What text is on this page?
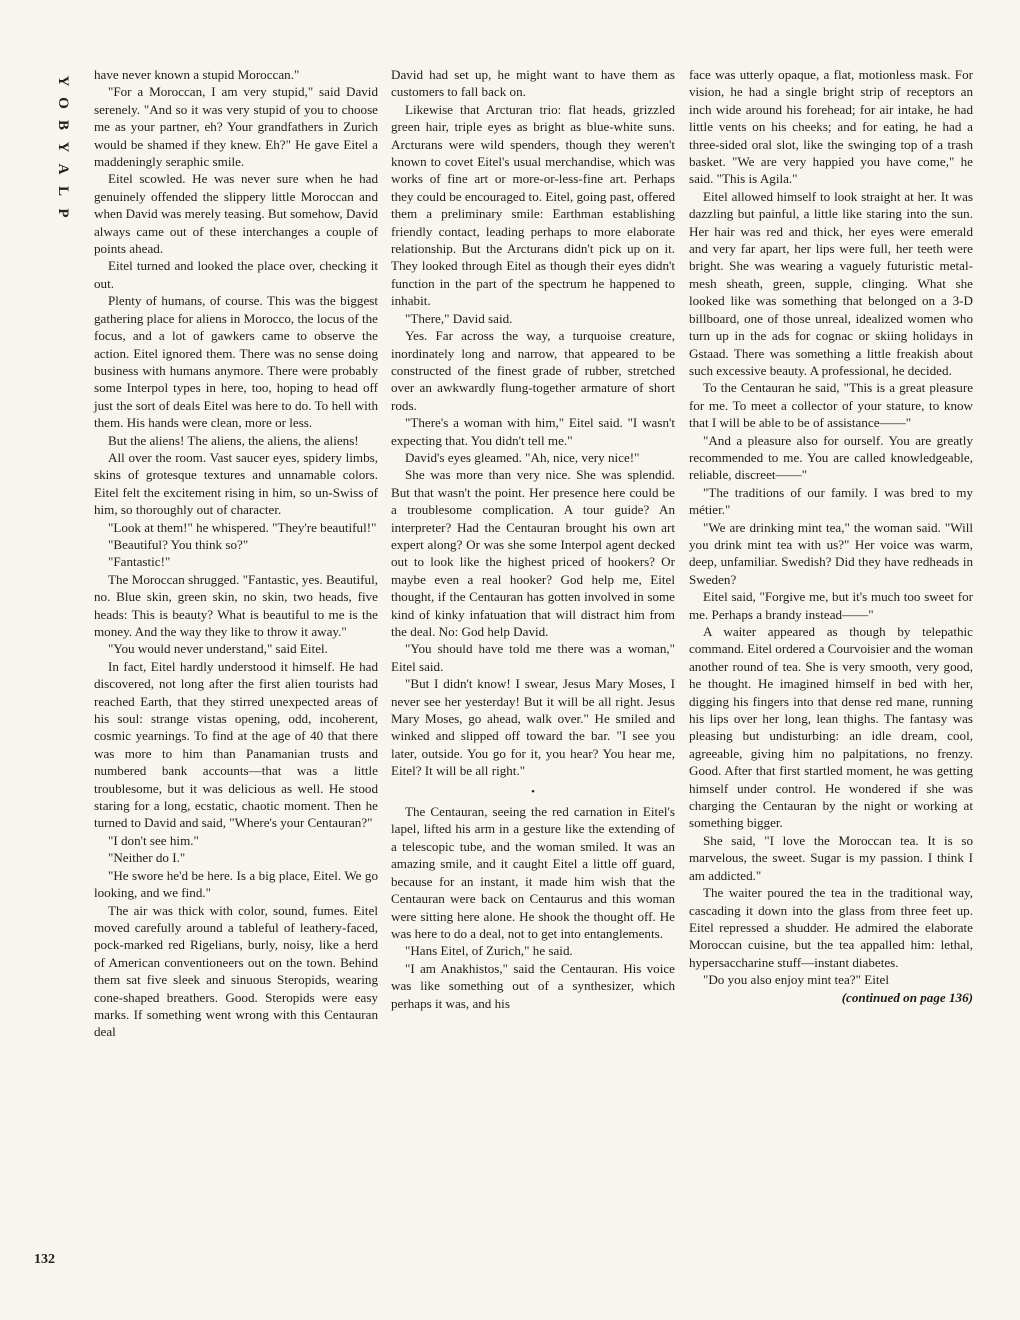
Y
O
B
Y
A
L
P
132

have never known a stupid Moroccan."

"For a Moroccan, I am very stupid," said David serenely. "And so it was very stupid of you to choose me as your partner, eh? Your grandfathers in Zurich would be shamed if they knew. Eh?" He gave Eitel a maddeningly seraphic smile.

Eitel scowled. He was never sure when he had genuinely offended the slippery little Moroccan and when David was merely teasing. But somehow, David always came out of these interchanges a couple of points ahead.

Eitel turned and looked the place over, checking it out.

Plenty of humans, of course. This was the biggest gathering place for aliens in Morocco, the locus of the focus, and a lot of gawkers came to observe the action. Eitel ignored them. There was no sense doing business with humans anymore. There were probably some Interpol types in here, too, hoping to head off just the sort of deals Eitel was here to do. To hell with them. His hands were clean, more or less.

But the aliens! The aliens, the aliens, the aliens!

All over the room. Vast saucer eyes, spidery limbs, skins of grotesque textures and unnamable colors. Eitel felt the excitement rising in him, so un-Swiss of him, so thoroughly out of character.

"Look at them!" he whispered. "They're beautiful!"

"Beautiful? You think so?"

"Fantastic!"

The Moroccan shrugged. "Fantastic, yes. Beautiful, no. Blue skin, green skin, no skin, two heads, five heads: This is beauty? What is beautiful to me is the money. And the way they like to throw it away."

"You would never understand," said Eitel.

In fact, Eitel hardly understood it himself. He had discovered, not long after the first alien tourists had reached Earth, that they stirred unexpected areas of his soul: strange vistas opening, odd, incoherent, cosmic yearnings. To find at the age of 40 that there was more to him than Panamanian trusts and numbered bank accounts—that was a little troublesome, but it was delicious as well. He stood staring for a long, ecstatic, chaotic moment. Then he turned to David and said, "Where's your Centauran?"

"I don't see him."

"Neither do I."

"He swore he'd be here. Is a big place, Eitel. We go looking, and we find."

The air was thick with color, sound, fumes. Eitel moved carefully around a tableful of leathery-faced, pock-marked red Rigelians, burly, noisy, like a herd of American conventioneers out on the town. Behind them sat five sleek and sinuous Steropids, wearing cone-shaped breathers. Good. Steropids were easy marks. If something went wrong with this Centauran deal

David had set up, he might want to have them as customers to fall back on.

Likewise that Arcturan trio: flat heads, grizzled green hair, triple eyes as bright as blue-white suns. Arcturans were wild spenders, though they weren't known to covet Eitel's usual merchandise, which was works of fine art or more-or-less-fine art. Perhaps they could be encouraged to. Eitel, going past, offered them a preliminary smile: Earthman establishing friendly contact, leading perhaps to more elaborate relationship. But the Arcturans didn't pick up on it. They looked through Eitel as though their eyes didn't function in the part of the spectrum he happened to inhabit.

"There," David said.

Yes. Far across the way, a turquoise creature, inordinately long and narrow, that appeared to be constructed of the finest grade of rubber, stretched over an awkwardly flung-together armature of short rods.

"There's a woman with him," Eitel said. "I wasn't expecting that. You didn't tell me."

David's eyes gleamed. "Ah, nice, very nice!"

She was more than very nice. She was splendid. But that wasn't the point. Her presence here could be a troublesome complication. A tour guide? An interpreter? Had the Centauran brought his own art expert along? Or was she some Interpol agent decked out to look like the highest priced of hookers? Or maybe even a real hooker? God help me, Eitel thought, if the Centauran has gotten involved in some kind of kinky infatuation that will distract him from the deal. No: God help David.

"You should have told me there was a woman," Eitel said.

"But I didn't know! I swear, Jesus Mary Moses, I never see her yesterday! But it will be all right. Jesus Mary Moses, go ahead, walk over." He smiled and winked and slipped off toward the bar. "I see you later, outside. You go for it, you hear? You hear me, Eitel? It will be all right."

•

The Centauran, seeing the red carnation in Eitel's lapel, lifted his arm in a gesture like the extending of a telescopic tube, and the woman smiled. It was an amazing smile, and it caught Eitel a little off guard, because for an instant, it made him wish that the Centauran were back on Centaurus and this woman were sitting here alone. He shook the thought off. He was here to do a deal, not to get into entanglements.

"Hans Eitel, of Zurich," he said.

"I am Anakhistos," said the Centauran. His voice was like something out of a synthesizer, which perhaps it was, and his

face was utterly opaque, a flat, motionless mask. For vision, he had a single bright strip of receptors an inch wide around his forehead; for air intake, he had little vents on his cheeks; and for eating, he had a three-sided oral slot, like the swinging top of a trash basket. "We are very happied you have come," he said. "This is Agila."

Eitel allowed himself to look straight at her. It was dazzling but painful, a little like staring into the sun. Her hair was red and thick, her eyes were emerald and very far apart, her lips were full, her teeth were bright. She was wearing a vaguely futuristic metal-mesh sheath, green, supple, clinging. What she looked like was something that belonged on a 3-D billboard, one of those unreal, idealized women who turn up in the ads for cognac or skiing holidays in Gstaad. There was something a little freakish about such excessive beauty. A professional, he decided.

To the Centauran he said, "This is a great pleasure for me. To meet a collector of your stature, to know that I will be able to be of assistance——"

"And a pleasure also for ourself. You are greatly recommended to me. You are called knowledgeable, reliable, discreet——"

"The traditions of our family. I was bred to my métier."

"We are drinking mint tea," the woman said. "Will you drink mint tea with us?" Her voice was warm, deep, unfamiliar. Swedish? Did they have redheads in Sweden?

Eitel said, "Forgive me, but it's much too sweet for me. Perhaps a brandy instead——"

A waiter appeared as though by telepathic command. Eitel ordered a Courvoisier and the woman another round of tea. She is very smooth, very good, he thought. He imagined himself in bed with her, digging his fingers into that dense red mane, running his lips over her long, lean thighs. The fantasy was pleasing but undisturbing: an idle dream, cool, agreeable, giving him no palpitations, no frenzy. Good. After that first startled moment, he was getting himself under control. He wondered if she was charging the Centauran by the night or working at something bigger.

She said, "I love the Moroccan tea. It is so marvelous, the sweet. Sugar is my passion. I think I am addicted."

The waiter poured the tea in the traditional way, cascading it down into the glass from three feet up. Eitel repressed a shudder. He admired the elaborate Moroccan cuisine, but the tea appalled him: lethal, hypersaccharine stuff—instant diabetes.

"Do you also enjoy mint tea?" Eitel

(continued on page 136)
